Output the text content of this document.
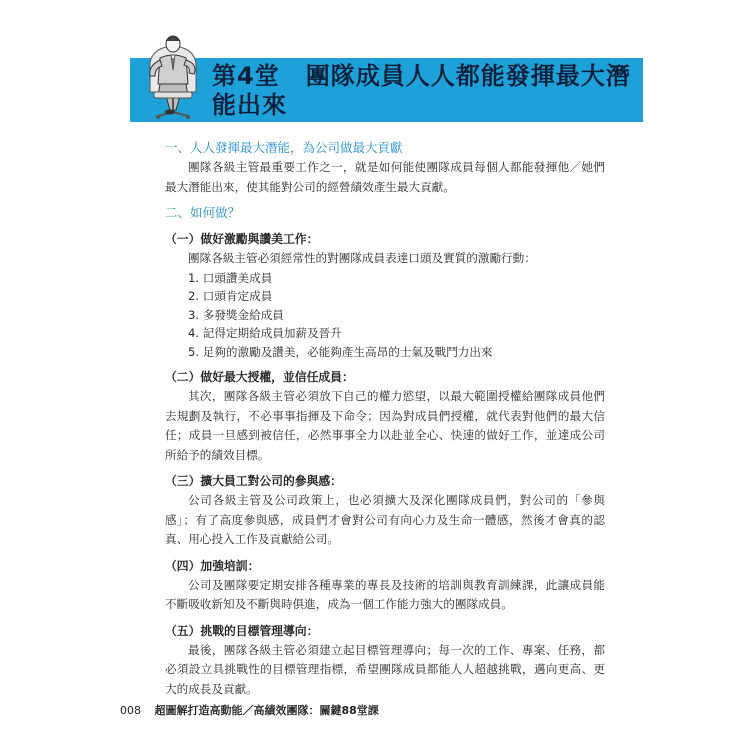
第4堂 團隊成員人人都能發揮最大潛能出來

一、人人發揮最大潛能，為公司做最大貢獻

團隊各級主管最重要工作之一，就是如何能使團隊成員每個人都能發揮他／她們最大潛能出來，使其能對公司的經營績效產生最大貢獻。

二、如何做？

（一）做好激勵與讚美工作：

團隊各級主管必須經常性的對團隊成員表達口頭及實質的激勵行動：

1. 口頭讚美成員
2. 口頭肯定成員
3. 多發獎金給成員
4. 記得定期給成員加薪及晉升
5. 足夠的激勵及讚美，必能夠產生高昂的士氣及戰鬥力出來

（二）做好最大授權，並信任成員：

其次，團隊各級主管必須放下自己的權力慾望，以最大範圍授權給團隊成員他們去規劃及執行，不必事事指揮及下命令；因為對成員們授權，就代表對他們的最大信任；成員一旦感到被信任，必然事事全力以赴並全心、快速的做好工作，並達成公司所給予的績效目標。

（三）擴大員工對公司的參與感：

公司各級主管及公司政策上，也必須擴大及深化團隊成員們，對公司的「參與感」；有了高度參與感，成員們才會對公司有向心力及生命一體感，然後才會真的認真、用心投入工作及貢獻給公司。

（四）加強培訓：

公司及團隊要定期安排各種專業的專長及技術的培訓與教育訓練課，此讓成員能不斷吸收新知及不斷與時俱進，成為一個工作能力強大的團隊成員。

（五）挑戰的目標管理導向：

最後，團隊各級主管必須建立起目標管理導向；每一次的工作、專案、任務，都必須設立具挑戰性的目標管理指標，希望團隊成員都能人人超越挑戰，邁向更高、更大的成長及貢獻。

008 超圖解打造高動能／高績效團隊：關鍵88堂課
